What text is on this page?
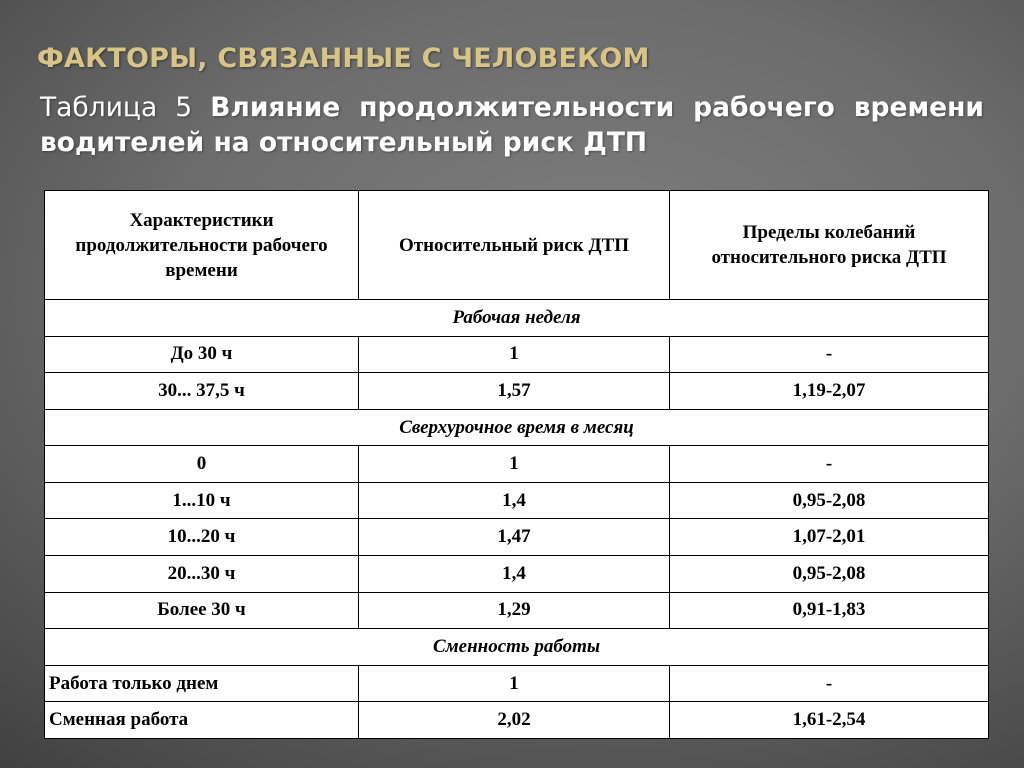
ФАКТОРЫ, СВЯЗАННЫЕ С ЧЕЛОВЕКОМ

Таблица 5 Влияние продолжительности рабочего времени водителей на относительный риск ДТП

Характеристики продолжительности рабочего времени	Относительный риск ДТП	Пределы колебаний относительного риска ДТП
Рабочая неделя		
До 30 ч	1	-
30... 37,5 ч	1,57	1,19-2,07
Сверхурочное время в месяц		
0	1	-
1...10 ч	1,4	0,95-2,08
10...20 ч	1,47	1,07-2,01
20...30 ч	1,4	0,95-2,08
Более 30 ч	1,29	0,91-1,83
Сменность работы		
Работа только днем	1	-
Сменная работа	2,02	1,61-2,54
